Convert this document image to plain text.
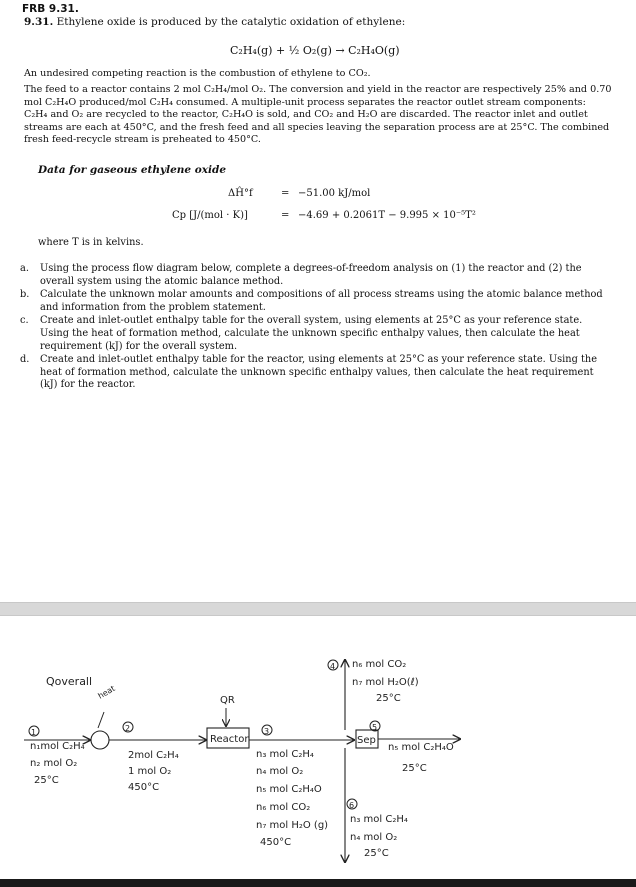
FRB 9.31.
9.31. Ethylene oxide is produced by the catalytic oxidation of ethylene:
C₂H₄(g) + ½ O₂(g) → C₂H₄O(g)
An undesired competing reaction is the combustion of ethylene to CO₂.
The feed to a reactor contains 2 mol C₂H₄/mol O₂. The conversion and yield in the reactor are respectively 25% and 0.70 mol C₂H₄O produced/mol C₂H₄ consumed. A multiple-unit process separates the reactor outlet stream components: C₂H₄ and O₂ are recycled to the reactor, C₂H₄O is sold, and CO₂ and H₂O are discarded. The reactor inlet and outlet streams are each at 450°C, and the fresh feed and all species leaving the separation process are at 25°C. The combined fresh feed-recycle stream is preheated to 450°C.
Data for gaseous ethylene oxide
ΔĤ°f	= −51.00 kJ/mol
Cp [J/(mol · K)]	= −4.69 + 0.2061T − 9.995 × 10⁻⁵T²
where T is in kelvins.
a. Using the process flow diagram below, complete a degrees-of-freedom analysis on (1) the reactor and (2) the overall system using the atomic balance method.
b. Calculate the unknown molar amounts and compositions of all process streams using the atomic balance method and information from the problem statement.
c. Create and inlet-outlet enthalpy table for the overall system, using elements at 25°C as your reference state. Using the heat of formation method, calculate the unknown specific enthalpy values, then calculate the heat requirement (kJ) for the overall system.
d. Create and inlet-outlet enthalpy table for the reactor, using elements at 25°C as your reference state. Using the heat of formation method, calculate the unknown specific enthalpy values, then calculate the heat requirement (kJ) for the reactor.
Qoverall
heat
1
n₁mol C₂H₄
n₂ mol O₂
25°C
2
2mol C₂H₄
1 mol O₂
450°C
QR
Reactor
3
n₃ mol C₂H₄
n₄ mol O₂
n₅ mol C₂H₄O
n₆ mol CO₂
n₇ mol H₂O (g)
450°C
Sep
4 n₆ mol CO₂
n₇ mol H₂O(ℓ)
25°C
5
n₅ mol C₂H₄O
25°C
6
n₃ mol C₂H₄
n₄ mol O₂
25°C
